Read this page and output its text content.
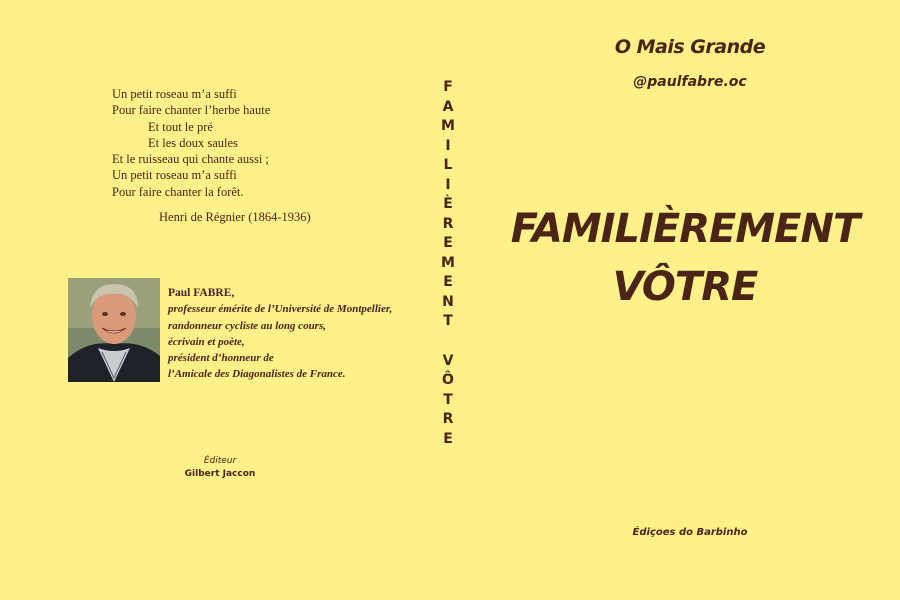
Un petit roseau m’a suffi
Pour faire chanter l’herbe haute
Et tout le pré
Et les doux saules
Et le ruisseau qui chante aussi ;
Un petit roseau m’a suffi
Pour faire chanter la forêt.
Henri de Régnier (1864-1936)
Paul FABRE,
professeur émérite de l’Université de Montpellier,
randonneur cycliste au long cours,
écrivain et poète,
président d’honneur de
l’Amicale des Diagonalistes de France.
Éditeur
Gilbert Jaccon
F
A
M
I
L
I
È
R
E
M
E
N
T
V
Ô
T
R
E
O Mais Grande
@paulfabre.oc
FAMILIÈREMENT
VÔTRE
Édiçoes do Barbinho
